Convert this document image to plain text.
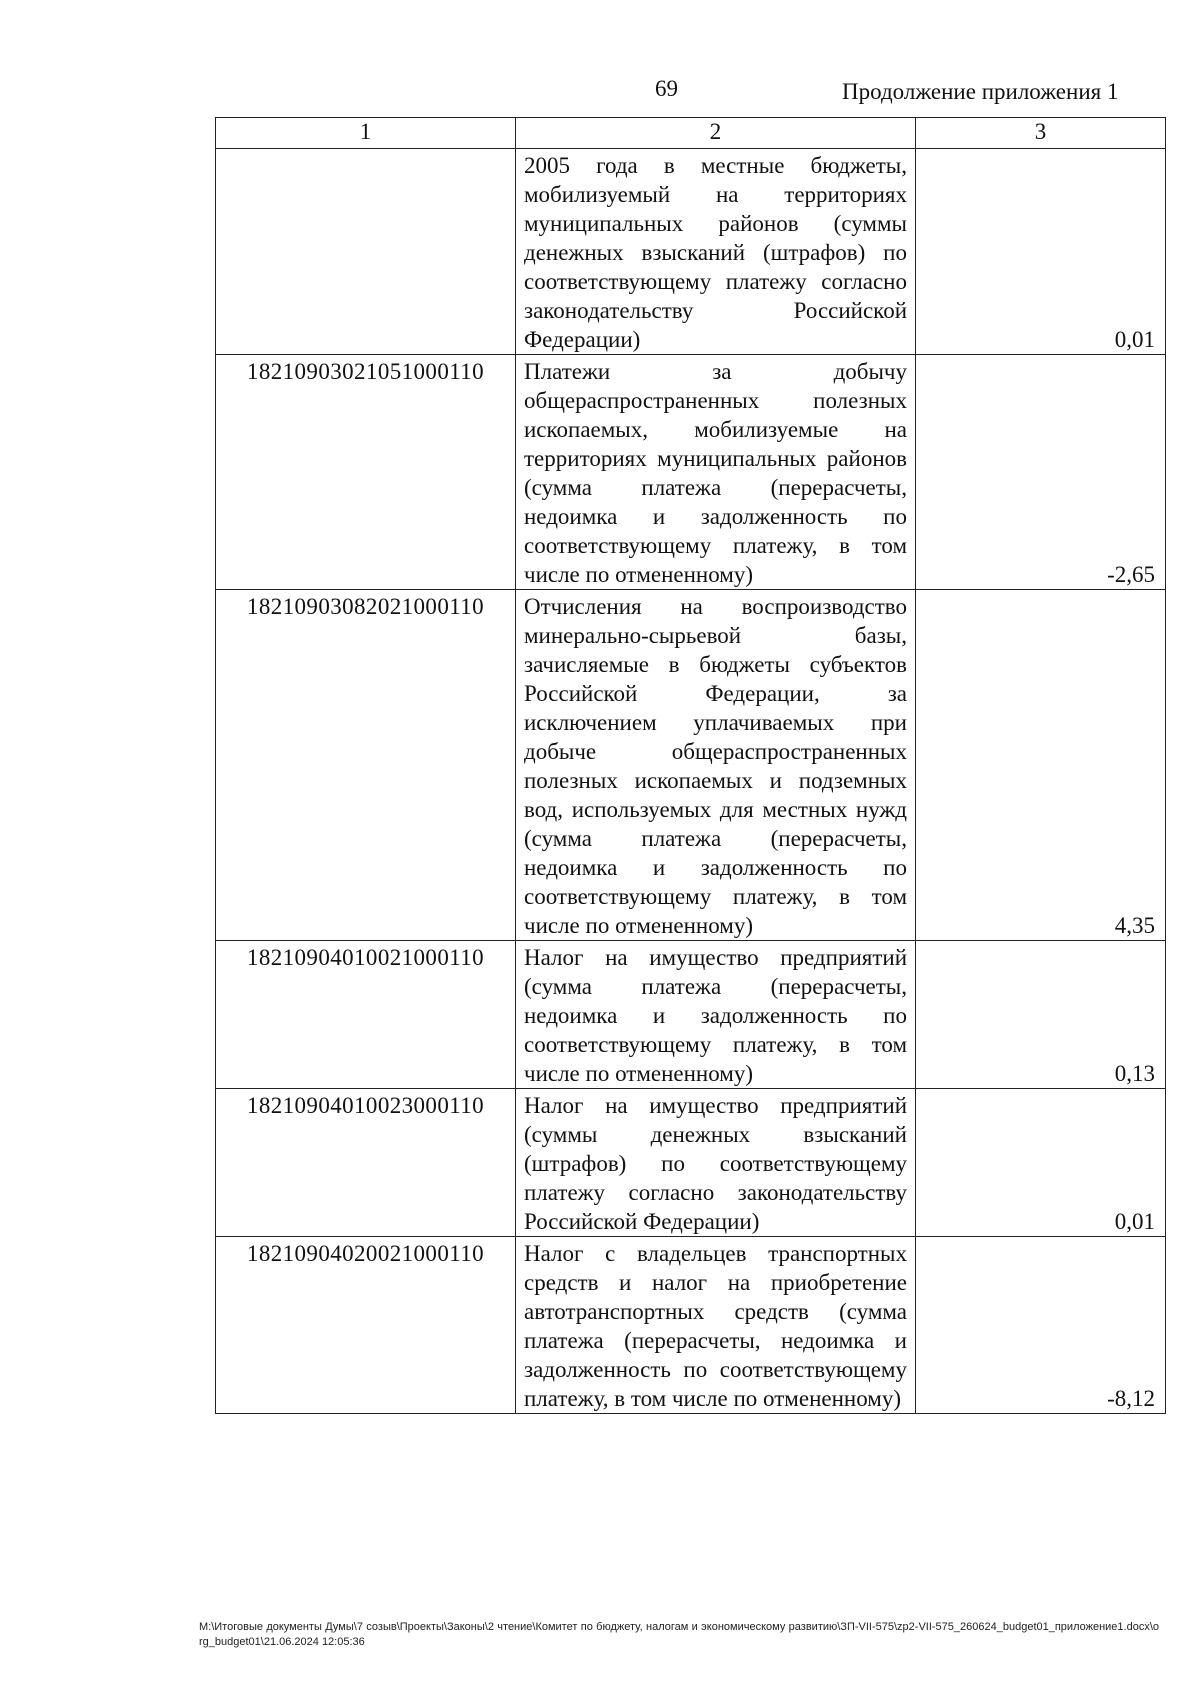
69	Продолжение приложения 1
1	2	3
	2005 года в местные бюджеты, мобилизуемый на территориях муниципальных районов (суммы денежных взысканий (штрафов) по соответствующему платежу согласно законодательству Российской Федерации)	0,01
18210903021051000110	Платежи за добычу общераспространенных полезных ископаемых, мобилизуемые на территориях муниципальных районов (сумма платежа (перерасчеты, недоимка и задолженность по соответствующему платежу, в том числе по отмененному)	-2,65
18210903082021000110	Отчисления на воспроизводство минерально-сырьевой базы, зачисляемые в бюджеты субъектов Российской Федерации, за исключением уплачиваемых при добыче общераспространенных полезных ископаемых и подземных вод, используемых для местных нужд (сумма платежа (перерасчеты, недоимка и задолженность по соответствующему платежу, в том числе по отмененному)	4,35
18210904010021000110	Налог на имущество предприятий (сумма платежа (перерасчеты, недоимка и задолженность по соответствующему платежу, в том числе по отмененному)	0,13
18210904010023000110	Налог на имущество предприятий (суммы денежных взысканий (штрафов) по соответствующему платежу согласно законодательству Российской Федерации)	0,01
18210904020021000110	Налог с владельцев транспортных средств и налог на приобретение автотранспортных средств (сумма платежа (перерасчеты, недоимка и задолженность по соответствующему платежу, в том числе по отмененному)	-8,12
M:\Итоговые документы Думы\7 созыв\Проекты\Законы\2 чтение\Комитет по бюджету, налогам и экономическому развитию\ЗП-VII-575\zp2-VII-575_260624_budget01_приложение1.docx\org_budget01\21.06.2024 12:05:36
